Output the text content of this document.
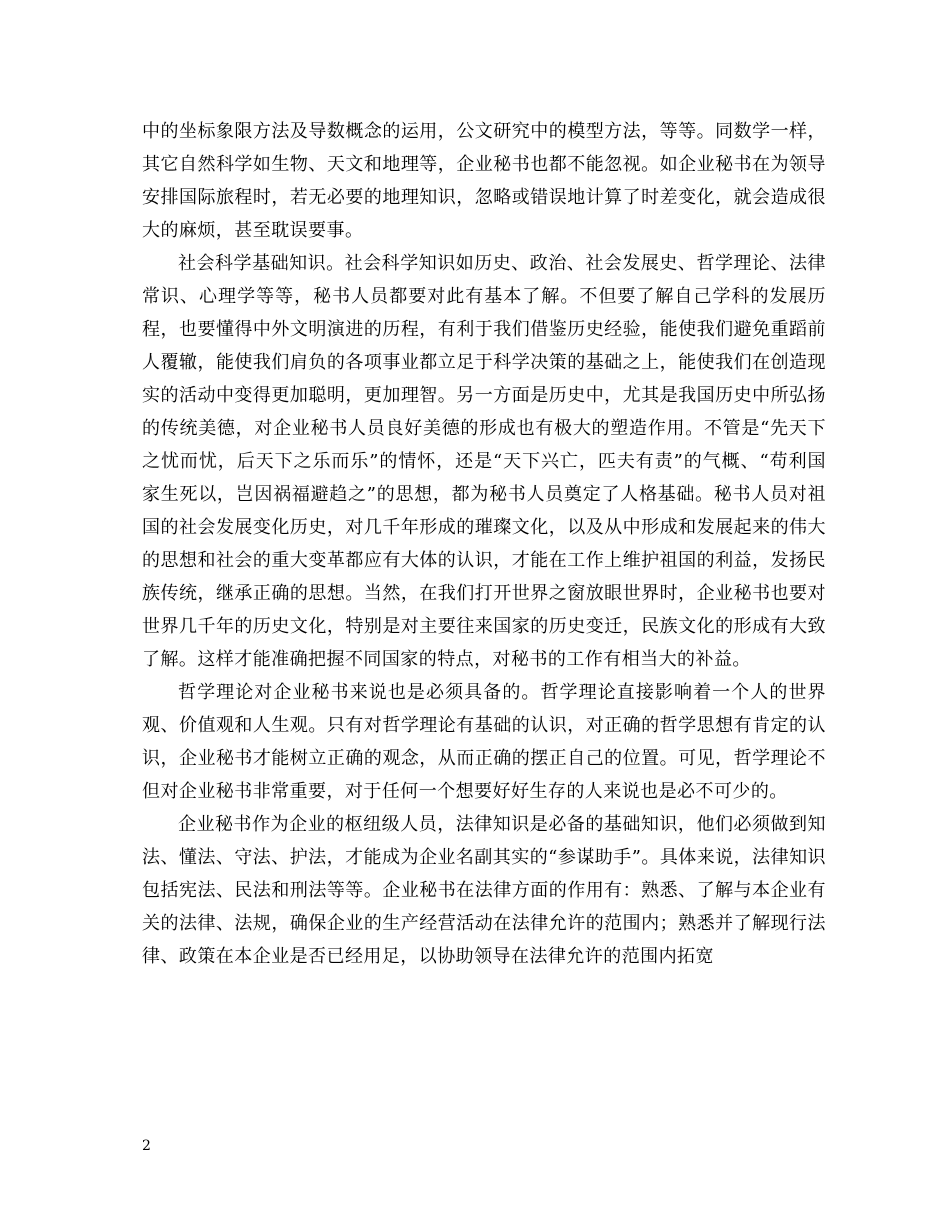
中的坐标象限方法及导数概念的运用，公文研究中的模型方法，等等。同数学一样，其它自然科学如生物、天文和地理等，企业秘书也都不能忽视。如企业秘书在为领导安排国际旅程时，若无必要的地理知识，忽略或错误地计算了时差变化，就会造成很大的麻烦，甚至耽误要事。

社会科学基础知识。社会科学知识如历史、政治、社会发展史、哲学理论、法律常识、心理学等等，秘书人员都要对此有基本了解。不但要了解自己学科的发展历程，也要懂得中外文明演进的历程，有利于我们借鉴历史经验，能使我们避免重蹈前人覆辙，能使我们肩负的各项事业都立足于科学决策的基础之上，能使我们在创造现实的活动中变得更加聪明，更加理智。另一方面是历史中，尤其是我国历史中所弘扬的传统美德，对企业秘书人员良好美德的形成也有极大的塑造作用。不管是“先天下之忧而忧，后天下之乐而乐”的情怀，还是“天下兴亡，匹夫有责”的气概、“苟利国家生死以，岂因祸福避趋之”的思想，都为秘书人员奠定了人格基础。秘书人员对祖国的社会发展变化历史，对几千年形成的璀璨文化，以及从中形成和发展起来的伟大的思想和社会的重大变革都应有大体的认识，才能在工作上维护祖国的利益，发扬民族传统，继承正确的思想。当然，在我们打开世界之窗放眼世界时，企业秘书也要对世界几千年的历史文化，特别是对主要往来国家的历史变迁，民族文化的形成有大致了解。这样才能准确把握不同国家的特点，对秘书的工作有相当大的补益。

哲学理论对企业秘书来说也是必须具备的。哲学理论直接影响着一个人的世界观、价值观和人生观。只有对哲学理论有基础的认识，对正确的哲学思想有肯定的认识，企业秘书才能树立正确的观念，从而正确的摆正自己的位置。可见，哲学理论不但对企业秘书非常重要，对于任何一个想要好好生存的人来说也是必不可少的。

企业秘书作为企业的枢纽级人员，法律知识是必备的基础知识，他们必须做到知法、懂法、守法、护法，才能成为企业名副其实的“参谋助手”。具体来说，法律知识包括宪法、民法和刑法等等。企业秘书在法律方面的作用有：熟悉、了解与本企业有关的法律、法规，确保企业的生产经营活动在法律允许的范围内；熟悉并了解现行法律、政策在本企业是否已经用足，以协助领导在法律允许的范围内拓宽

2
